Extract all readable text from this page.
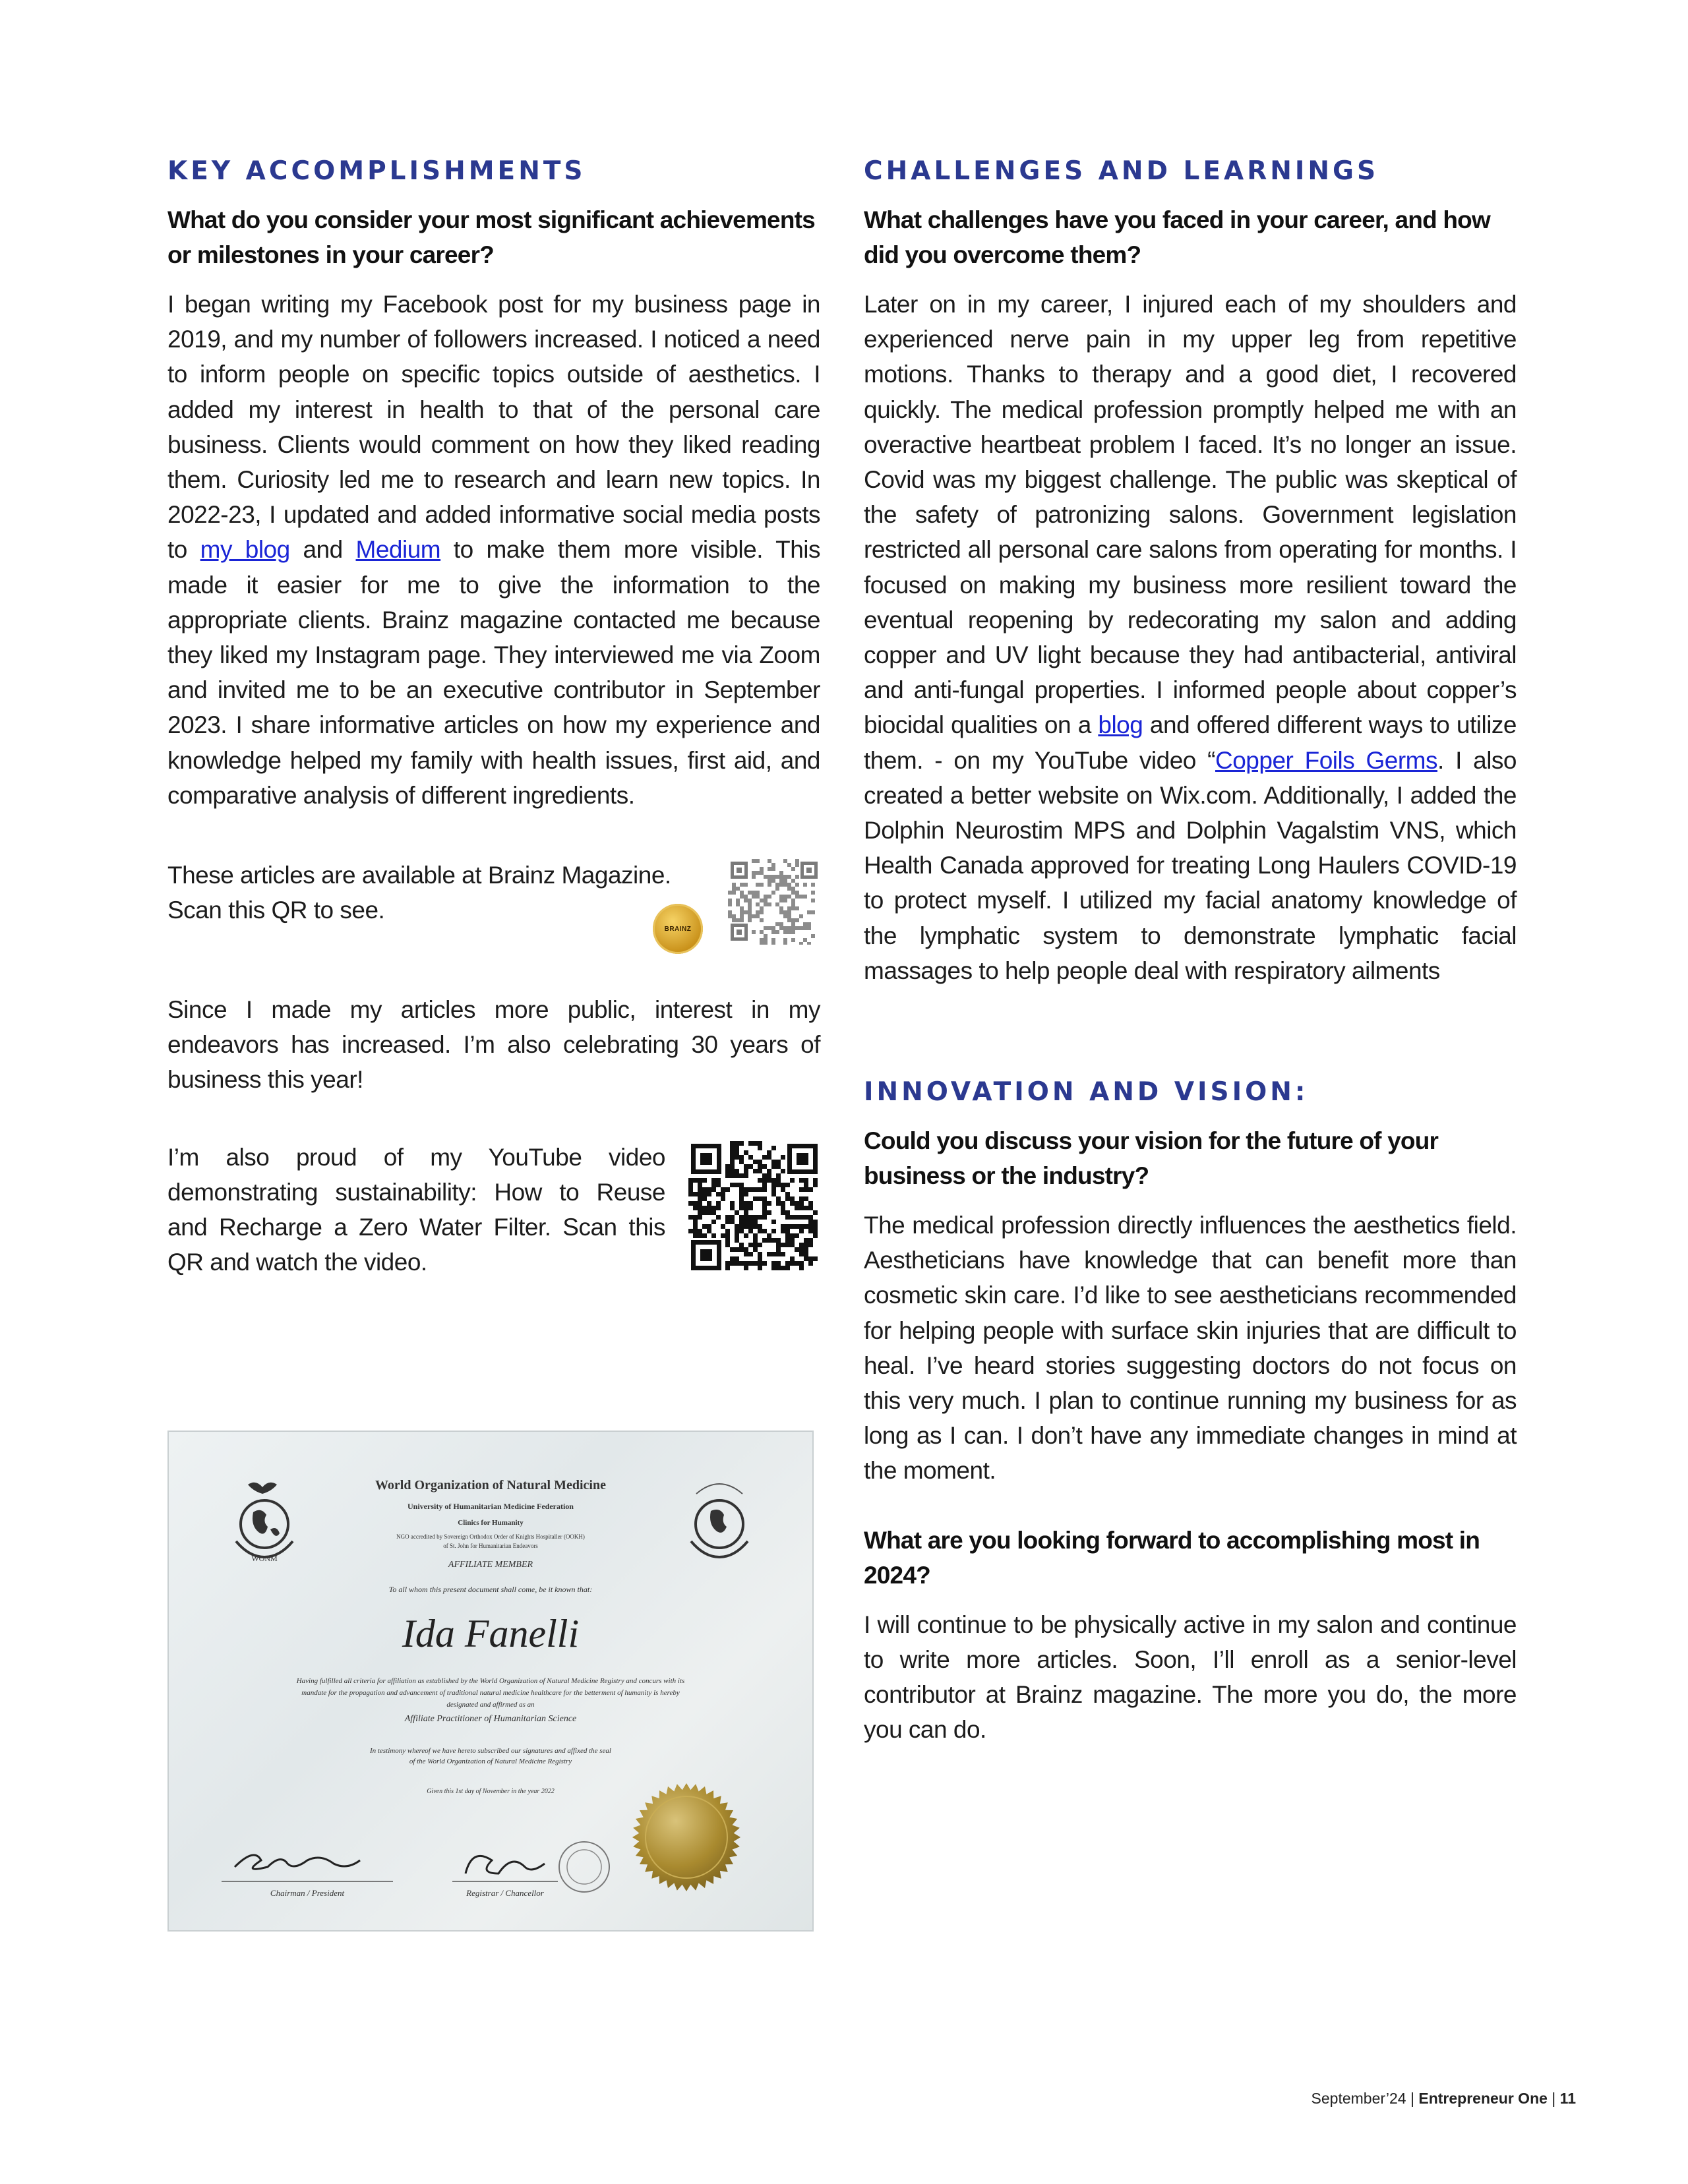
KEY ACCOMPLISHMENTS

What do you consider your most significant achievements or milestones in your career?

I began writing my Facebook post for my business page in 2019, and my number of followers increased. I noticed a need to inform people on specific topics outside of aesthetics. I added my interest in health to that of the personal care business. Clients would comment on how they liked reading them. Curiosity led me to research and learn new topics. In 2022-23, I updated and added informative social media posts to my blog and Medium to make them more visible. This made it easier for me to give the information to the appropriate clients. Brainz magazine contacted me because they liked my Instagram page. They interviewed me via Zoom and invited me to be an executive contributor in September 2023. I share informative articles on how my experience and knowledge helped my family with health issues, first aid, and comparative analysis of different ingredients.

These articles are available at Brainz Magazine. Scan this QR to see.

BRAINZ

Since I made my articles more public, interest in my endeavors has increased. I’m also celebrating 30 years of business this year!

I’m also proud of my YouTube video demonstrating sustainability: How to Reuse and Recharge a Zero Water Filter. Scan this QR and watch the video.

WONM
World Organization of Natural Medicine
University of Humanitarian Medicine Federation
Clinics for Humanity
NGO accredited by Sovereign Orthodox Order of Knights Hospitaller (OOKH)
of St. John for Humanitarian Endeavors
AFFILIATE MEMBER
To all whom this present document shall come, be it known that:
Ida Fanelli
Having fulfilled all criteria for affiliation as established by the World Organization of Natural Medicine Registry and concurs with its
mandate for the propagation and advancement of traditional natural medicine healthcare for the betterment of humanity is hereby
designated and affirmed as an
Affiliate Practitioner of Humanitarian Science
In testimony whereof we have hereto subscribed our signatures and affixed the seal
of the World Organization of Natural Medicine Registry
Given this 1st day of November in the year 2022
Chairman / President	Registrar / Chancellor
CHALLENGES AND LEARNINGS

What challenges have you faced in your career, and how did you overcome them?

Later on in my career, I injured each of my shoulders and experienced nerve pain in my upper leg from repetitive motions. Thanks to therapy and a good diet, I recovered quickly. The medical profession promptly helped me with an overactive heartbeat problem I faced. It’s no longer an issue. Covid was my biggest challenge. The public was skeptical of the safety of patronizing salons. Government legislation restricted all personal care salons from operating for months. I focused on making my business more resilient toward the eventual reopening by redecorating my salon and adding copper and UV light because they had antibacterial, antiviral and anti-fungal properties. I informed people about copper’s biocidal qualities on a blog and offered different ways to utilize them. - on my YouTube video “Copper Foils Germs. I also created a better website on Wix.com. Additionally, I added the Dolphin Neurostim MPS and Dolphin Vagalstim VNS, which Health Canada approved for treating Long Haulers COVID-19 to protect myself. I utilized my facial anatomy knowledge of the lymphatic system to demonstrate lymphatic facial massages to help people deal with respiratory ailments

INNOVATION AND VISION:

Could you discuss your vision for the future of your business or the industry?

The medical profession directly influences the aesthetics field. Aestheticians have knowledge that can benefit more than cosmetic skin care. I’d like to see aestheticians recommended for helping people with surface skin injuries that are difficult to heal. I’ve heard stories suggesting doctors do not focus on this very much. I plan to continue running my business for as long as I can. I don’t have any immediate changes in mind at the moment.

What are you looking forward to accomplishing most in 2024?

I will continue to be physically active in my salon and continue to write more articles. Soon, I’ll enroll as a senior-level contributor at Brainz magazine. The more you do, the more you can do.

September’24 | Entrepreneur One | 11
